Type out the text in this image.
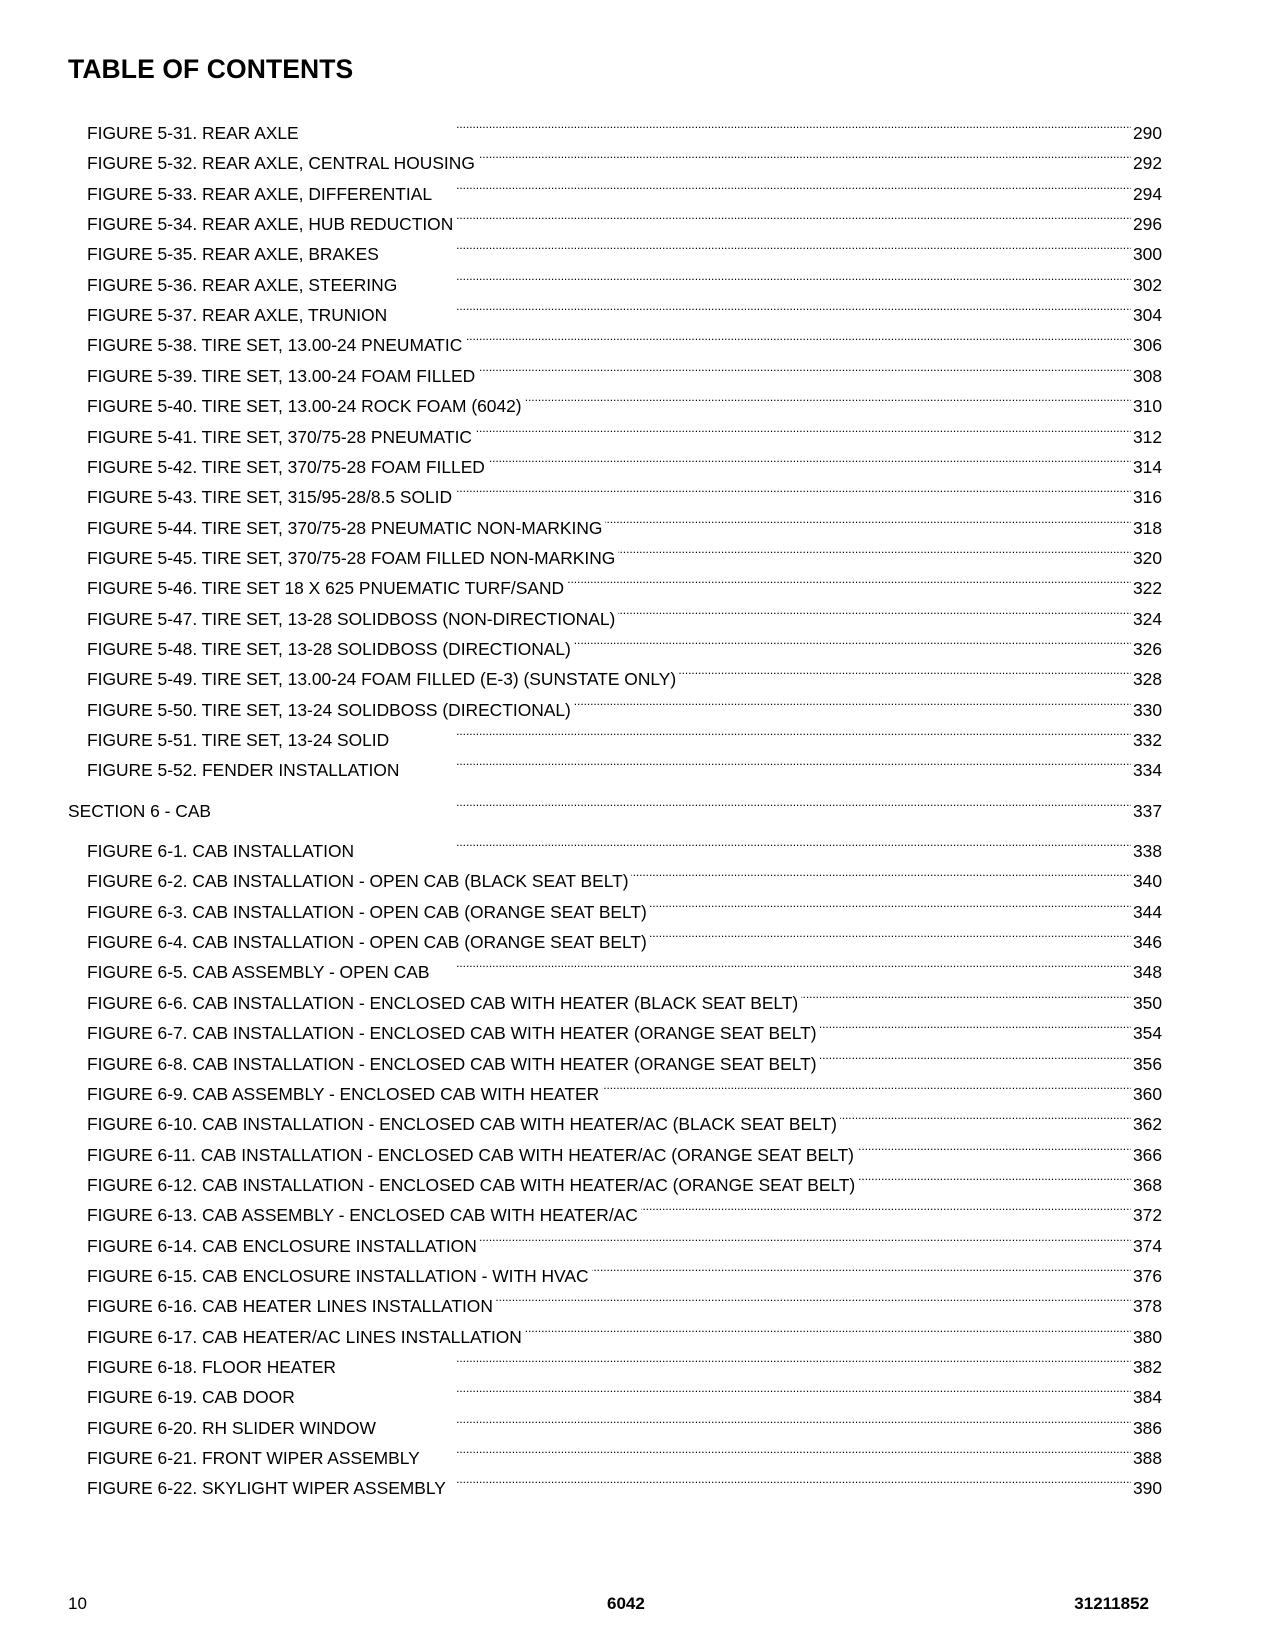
TABLE OF CONTENTS
FIGURE 5-31. REAR AXLE . . .	290
FIGURE 5-32. REAR AXLE, CENTRAL HOUSING . . .	292
FIGURE 5-33. REAR AXLE, DIFFERENTIAL . . .	294
FIGURE 5-34. REAR AXLE, HUB REDUCTION . . .	296
FIGURE 5-35. REAR AXLE, BRAKES . . .	300
FIGURE 5-36. REAR AXLE, STEERING . . .	302
FIGURE 5-37. REAR AXLE, TRUNION . . .	304
FIGURE 5-38. TIRE SET, 13.00-24 PNEUMATIC . . .	306
FIGURE 5-39. TIRE SET, 13.00-24 FOAM FILLED . . .	308
FIGURE 5-40. TIRE SET, 13.00-24 ROCK FOAM (6042) . . .	310
FIGURE 5-41. TIRE SET, 370/75-28 PNEUMATIC . . .	312
FIGURE 5-42. TIRE SET, 370/75-28 FOAM FILLED . . .	314
FIGURE 5-43. TIRE SET, 315/95-28/8.5 SOLID . . .	316
FIGURE 5-44. TIRE SET, 370/75-28 PNEUMATIC NON-MARKING . . .	318
FIGURE 5-45. TIRE SET, 370/75-28 FOAM FILLED NON-MARKING . . .	320
FIGURE 5-46. TIRE SET 18 X 625 PNUEMATIC TURF/SAND . . .	322
FIGURE 5-47. TIRE SET, 13-28 SOLIDBOSS (NON-DIRECTIONAL) . . .	324
FIGURE 5-48. TIRE SET, 13-28 SOLIDBOSS (DIRECTIONAL) . . .	326
FIGURE 5-49. TIRE SET, 13.00-24 FOAM FILLED (E-3) (SUNSTATE ONLY) . . .	328
FIGURE 5-50. TIRE SET, 13-24 SOLIDBOSS (DIRECTIONAL) . . .	330
FIGURE 5-51. TIRE SET, 13-24 SOLID . . .	332
FIGURE 5-52. FENDER INSTALLATION . . .	334
SECTION 6 - CAB . . .	337
FIGURE 6-1. CAB INSTALLATION . . .	338
FIGURE 6-2. CAB INSTALLATION - OPEN CAB (BLACK SEAT BELT) . . .	340
FIGURE 6-3. CAB INSTALLATION - OPEN CAB (ORANGE SEAT BELT) . . .	344
FIGURE 6-4. CAB INSTALLATION - OPEN CAB (ORANGE SEAT BELT) . . .	346
FIGURE 6-5. CAB ASSEMBLY - OPEN CAB . . .	348
FIGURE 6-6. CAB INSTALLATION - ENCLOSED CAB WITH HEATER (BLACK SEAT BELT) . . .	350
FIGURE 6-7. CAB INSTALLATION - ENCLOSED CAB WITH HEATER (ORANGE SEAT BELT) . . .	354
FIGURE 6-8. CAB INSTALLATION - ENCLOSED CAB WITH HEATER (ORANGE SEAT BELT) . . .	356
FIGURE 6-9. CAB ASSEMBLY - ENCLOSED CAB WITH HEATER . . .	360
FIGURE 6-10. CAB INSTALLATION - ENCLOSED CAB WITH HEATER/AC (BLACK SEAT BELT) . . .	362
FIGURE 6-11. CAB INSTALLATION - ENCLOSED CAB WITH HEATER/AC (ORANGE SEAT BELT) . . .	366
FIGURE 6-12. CAB INSTALLATION - ENCLOSED CAB WITH HEATER/AC (ORANGE SEAT BELT) . . .	368
FIGURE 6-13. CAB ASSEMBLY - ENCLOSED CAB WITH HEATER/AC . . .	372
FIGURE 6-14. CAB ENCLOSURE INSTALLATION . . .	374
FIGURE 6-15. CAB ENCLOSURE INSTALLATION - WITH HVAC . . .	376
FIGURE 6-16. CAB HEATER LINES INSTALLATION . . .	378
FIGURE 6-17. CAB HEATER/AC LINES INSTALLATION . . .	380
FIGURE 6-18. FLOOR HEATER . . .	382
FIGURE 6-19. CAB DOOR . . .	384
FIGURE 6-20. RH SLIDER WINDOW . . .	386
FIGURE 6-21. FRONT WIPER ASSEMBLY . . .	388
FIGURE 6-22. SKYLIGHT WIPER ASSEMBLY . . .	390
10	6042	31211852
